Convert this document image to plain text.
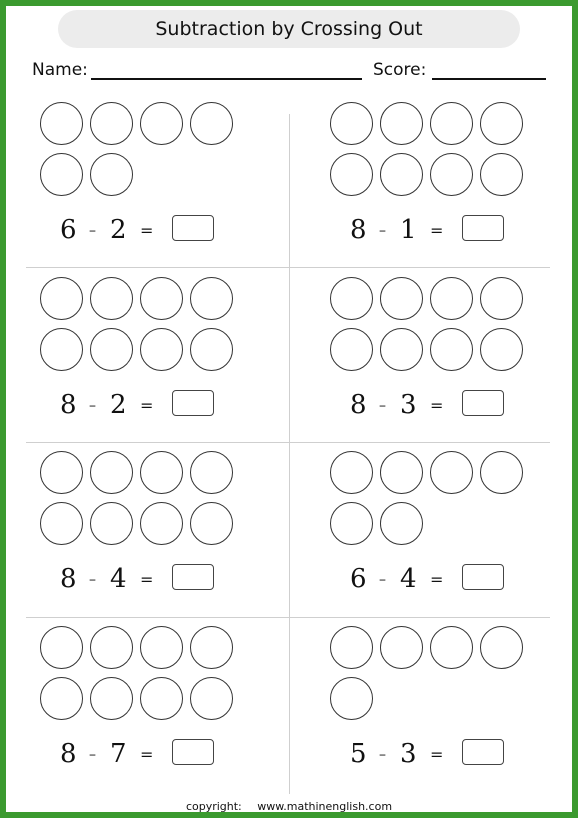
Subtraction by Crossing Out
Name:	Score:
6 – 2 =	8 – 1 =
8 – 2 =	8 – 3 =
8 – 4 =	6 – 4 =
8 – 7 =	5 – 3 =
copyright: www.mathinenglish.com
